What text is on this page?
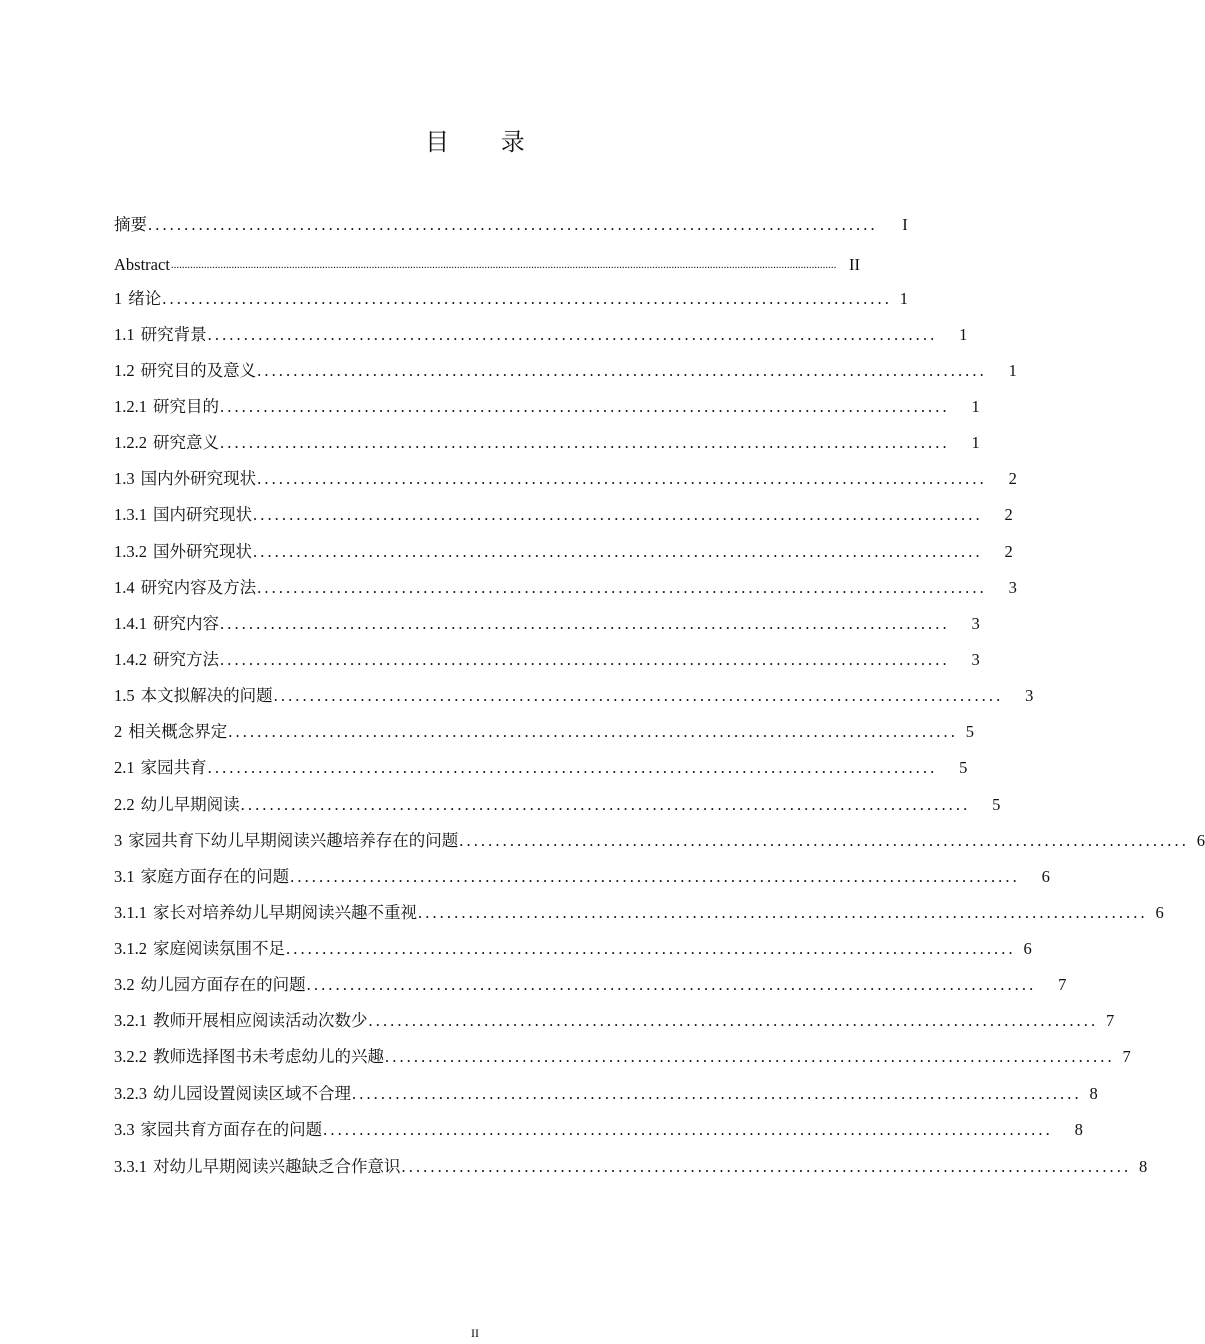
目 录
摘要 .....................................................................................................	I
Abstract .................................................................................................................................................................................................................................................. II
1 绪论 ..................................................................................................... 1
1.1 研究背景 .....................................................................................................	1
1.2 研究目的及意义 .....................................................................................................	1
1.2.1 研究目的 .....................................................................................................	1
1.2.2 研究意义 .....................................................................................................	1
1.3 国内外研究现状 .....................................................................................................	2
1.3.1 国内研究现状 .....................................................................................................	2
1.3.2 国外研究现状 .....................................................................................................	2
1.4 研究内容及方法 .....................................................................................................	3
1.4.1 研究内容 .....................................................................................................	3
1.4.2 研究方法 .....................................................................................................	3
1.5 本文拟解决的问题 .....................................................................................................	3
2 相关概念界定 ..................................................................................................... 5
2.1 家园共育 .....................................................................................................	5
2.2 幼儿早期阅读 .....................................................................................................	5
3 家园共育下幼儿早期阅读兴趣培养存在的问题 ..................................................................................................... 6
3.1 家庭方面存在的问题 .....................................................................................................	6
3.1.1 家长对培养幼儿早期阅读兴趣不重视 ..................................................................................................... 6
3.1.2 家庭阅读氛围不足 ..................................................................................................... 6
3.2 幼儿园方面存在的问题 .....................................................................................................	7
3.2.1 教师开展相应阅读活动次数少 ..................................................................................................... 7
3.2.2 教师选择图书未考虑幼儿的兴趣 ..................................................................................................... 7
3.2.3 幼儿园设置阅读区域不合理 ..................................................................................................... 8
3.3 家园共育方面存在的问题 .....................................................................................................	8
3.3.1 对幼儿早期阅读兴趣缺乏合作意识 ..................................................................................................... 8
II
